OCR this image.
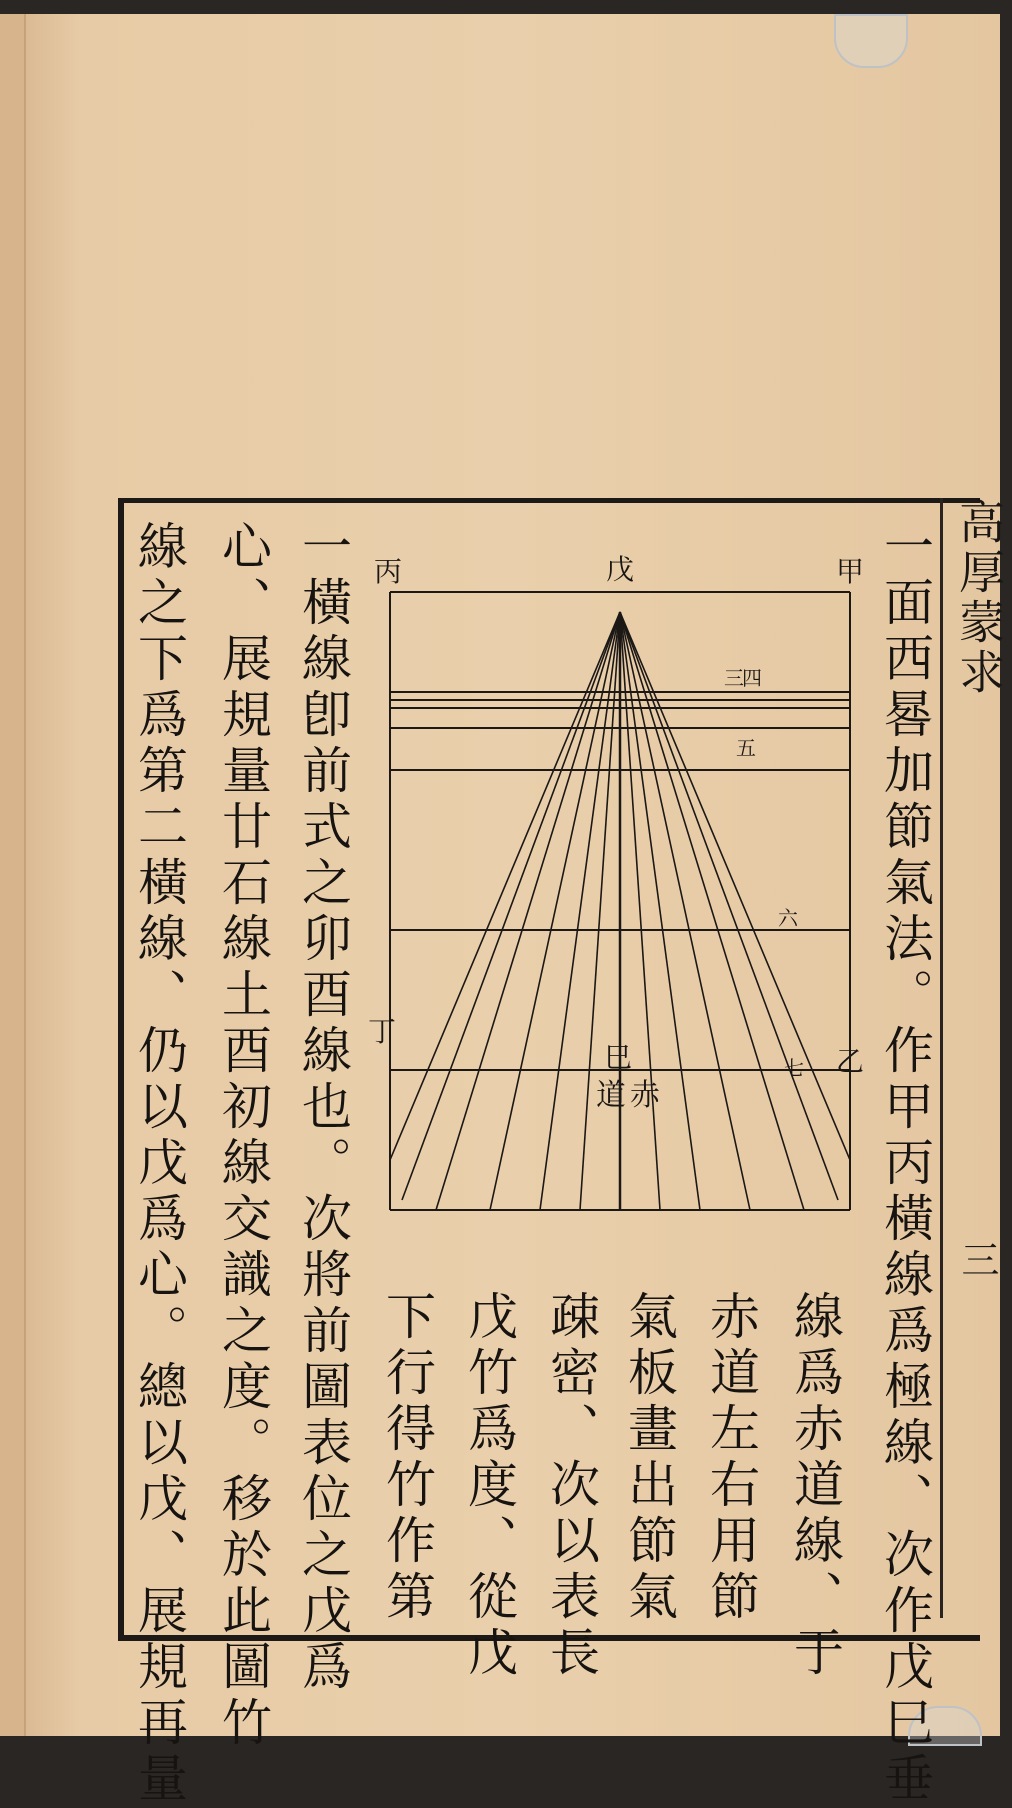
高厚蒙求
三
一面西晷加節氣法。作甲丙橫線爲極線、次作戊巳垂
線爲赤道線、于
赤道左右用節
氣板畫出節氣
疎密、次以表長
戊竹爲度、從戊
下行得竹作第
一橫線卽前式之卯酉線也。次將前圖表位之戊爲
心、展規量廿石線土酉初線交識之度。移於此圖竹
線之下爲第二橫線、仍以戊爲心。總以戊、展規再量	丙	戊	甲
丁
乙
巳
赤
道
三
四
五
六
七
